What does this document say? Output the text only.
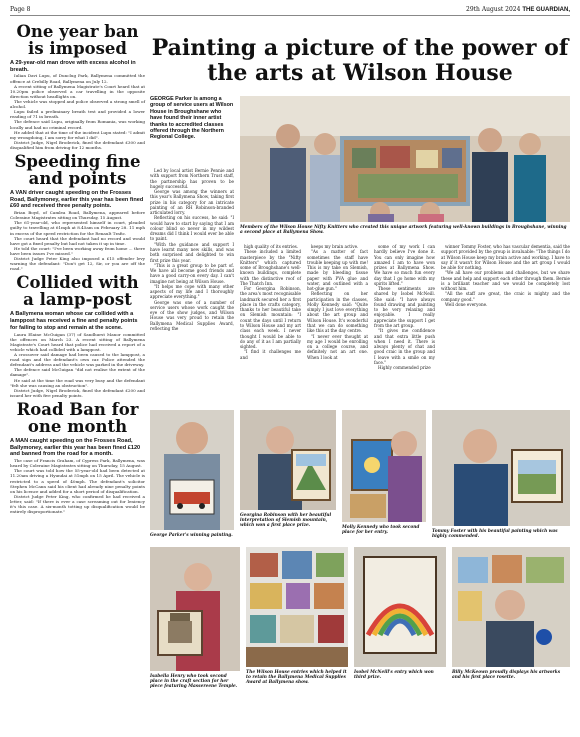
Page 8	29th August 2024 THE GUARDIAN,
One year ban is imposed
A 29-year-old man drove with excess alcohol in breath.

Iulian Davi Lupu, of Dunclug Park, Ballymena committed the offence at Crebilly Road, Ballymena on July 12.

A recent sitting of Ballymena Magistrate's Court heard that at 10.20pm police observed a car travelling in the opposite direction without headlights on.

The vehicle was stopped and police observed a strong smell of alcohol.

Lupu failed a preliminary breath test and provided a lower reading of 71 in breath.

The defence said Lupu, originally from Romania, was working locally and had no criminal record.

He added that at the time of the incident Lupu stated: "I admit my wrongdoing, I am sorry for what I did".

District Judge, Nigel Broderick, fined the defendant £300 and disqualified him from driving for 12 months.

Speeding fine and points
A VAN driver caught speeding on the Frosses Road, Ballymoney, earlier this year has been fined £60 and received three penalty points.

Brian Boyd, of Camlea Road, Ballymena, appeared before Coleraine Magistrates sitting on Thursday, 15 August.

The 61-year-old, who represented himself in court, pleaded guilty to travelling at 61mph at 8.45am on February 28. 11 mph in excess of the speed restriction for the Renault Trafic.

The court heard that the defendant had no record and would have got a fixed penalty but had not taken it up in time.

He told the court: "I've been working away from home ... there have been issues I've missed."

District Judge Peter King also imposed a £15 offender levy warning the defendant: "Don't get 12, Sir, or you are off the road."

Collided with a lamp-post
A Ballymena woman whose car collided with a lamppost has received a fine and penalty points for failing to stop and remain at the scene.

Laura Elaine McGuigan (37) of Sandhurst Manor committed the offences on March 23. A recent sitting of Ballymena Magistrate's Court heard that police had received a report of a vehicle which had collided with a lamppost.

A crossover said damage had been caused to the lamppost, a road sign and the defendant's own car. Police attended the defendant's address and the vehicle was parked in the driveway.

The defence said McGuigan "did not realise the extent of the damage".

He said at the time the road was very busy and the defendant "felt she was causing an obstruction".

District Judge, Nigel Broderick, fined the defendant £200 and issued her with five penalty points.

Road Ban for one month
A MAN caught speeding on the Frosses Road, Ballymoney, earlier this year has been fined £120 and banned from the road for a month.

The case of Francis Graham, of Cypress Park, Ballymena, was heard by Coleraine Magistrates sitting on Thursday, 15 August.

The court was told how the 55-year-old had been detected at 11.20am driving a Hyundai at 51mph on 15 April. The vehicle is restricted to a speed of 40mph. The defendant's solicitor Stephen McCann said his client had already nine penalty points on his licence and added for a short period of disqualification.

District Judge Peter King, who confirmed he had received a letter, said: "If there is ever a case screaming out for leniency it's this case. A six-month totting up disqualification would be entirely disproportionate."

Painting a picture of the power of the arts at Wilson House
GEORGE Parker is among a group of service users at Wilson House in Broughshane who have found their inner artist thanks to accredited classes offered through the Northern Regional College.

Led by local artist Bernie Pennie and with support from Northern Trust staff, the partnership has proven to be hugely successful.

George was among the winners at this year's Ballymena Show, taking first prize in his category for an intricate painting of an RH Robinson-branded articulated lorry.

Reflecting on his success, he said: "I would have to start by saying that I am colour blind so never in my wildest dreams did I think I would ever be able to paint.

"With the guidance and support I have learnt many new skills, and was both surprised and delighted to win first prize this year.

"This is a great group to be part of. We have all become good friends and have a good carry-on every day. I can't imagine not being at Wilson House.

"It helps me cope with many other aspects of my life and I thoroughly appreciate everything."

George was one of a number of service users whose work caught the eye of the show judges, and Wilson House was very proud to retain the Ballymena Medical Supplies Award, reflecting the

Members of the Wilson House Nifty Knitters who created this unique artwork featuring well-known buildings in Broughshane, winning a second place at Ballymena Show.

high quality of its entries.

These included a limited masterpiece by the "Nifty Knitters" which captured some of Broughshane's well-known buildings, complete with the distinctive roof of The Thatch Inn.

For Georgina Robinson, the area's most recognisable landmark secured her a first place in the crafts category, thanks to her beautiful take on Slemish mountain: "I count the days until I return to Wilson House and my art class each week. I never thought I would be able to do any of it as I am partially sighted.

"I find it challenges me and

keeps my brain active.

"As a matter of fact sometimes the staff have trouble keeping up with me! This is my take on Slemish, made by bleeding tissue paper with PVA glue and water, and outlined with a hot-glue gun."

Reflecting on her participation in the classes, Molly Kennedy said: "Quite simply I just love everything about the art group and Wilson House. It's wonderful that we can do something like this at the day centre.

"I never ever thought at my age I would be enrolling on a college course, and definitely not an art one. When I look at

some of my work I can hardly believe I've done it. You can only imagine how amazed I am to have won prizes at Ballymena Show. We have so much fun every day that I go home with my spirits lifted."

These sentiments are shared by Isobel McNeill. She said: "I have always found drawing and painting to be very relaxing and enjoyable. I really appreciate the support I get from the art group.

"It gives me confidence and that extra little push when I need it. There is always plenty of chat and good craic in the group and I leave with a smile on my face."

Highly commended prize

winner Tommy Foster, who has vascular dementia, said the support provided by the group is invaluable: "The things I do at Wilson House keep my brain active and working. I have to say if it wasn't for Wilson House and the art group I would be able for nothing.

"We all have our problems and challenges, but we share these and help and support each other through them. Bernie is a brilliant teacher and we would be completely lost without him.

"All the staff are great, the craic is mighty and the company good."

Well done everyone.

George Parker's winning painting.
Georgina Robinson with her beautiful interpretation of Slemish mountain, which won a first place prize.	Molly Kennedy who took second place for her entry.	Tommy Foster with his beautiful painting which was highly commended.
Isabella Henry who took second place in the craft section for her piece featuring Massereene Temple.
The Wilson House entries which helped it to retain the Ballymena Medical Supplies Award at Ballymena show.
Isobel McNeill's entry which won third prize.
Billy McKeown proudly displays his artworks and his first place rosette.
